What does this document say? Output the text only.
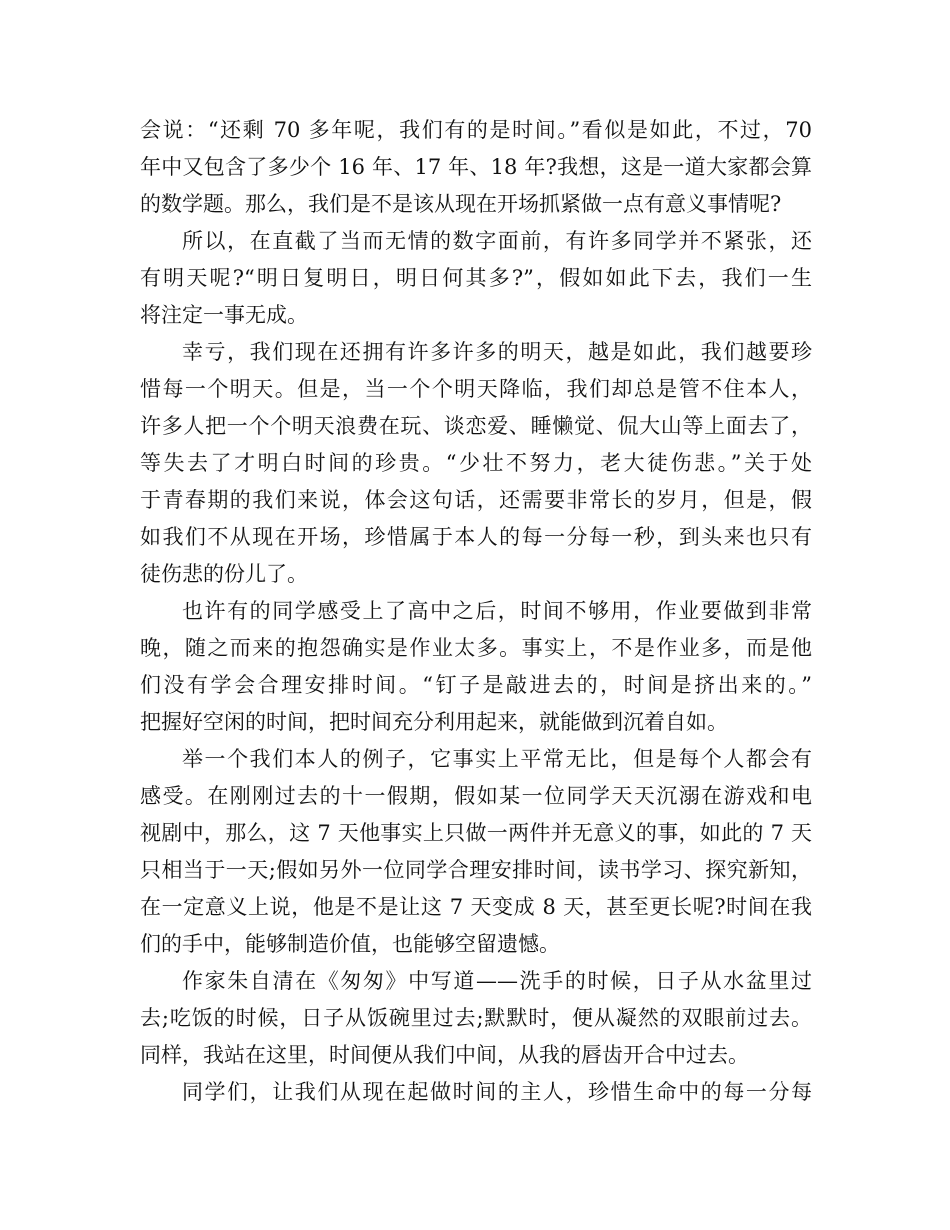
会说：“还剩 70 多年呢，我们有的是时间。”看似是如此，不过，70
年中又包含了多少个 16 年、17 年、18 年?我想，这是一道大家都会算
的数学题。那么，我们是不是该从现在开场抓紧做一点有意义事情呢?
所以，在直截了当而无情的数字面前，有许多同学并不紧张，还
有明天呢?“明日复明日，明日何其多?”，假如如此下去，我们一生
将注定一事无成。
幸亏，我们现在还拥有许多许多的明天，越是如此，我们越要珍
惜每一个明天。但是，当一个个明天降临，我们却总是管不住本人，
许多人把一个个明天浪费在玩、谈恋爱、睡懒觉、侃大山等上面去了，
等失去了才明白时间的珍贵。“少壮不努力，老大徒伤悲。”关于处
于青春期的我们来说，体会这句话，还需要非常长的岁月，但是，假
如我们不从现在开场，珍惜属于本人的每一分每一秒，到头来也只有
徒伤悲的份儿了。
也许有的同学感受上了高中之后，时间不够用，作业要做到非常
晚，随之而来的抱怨确实是作业太多。事实上，不是作业多，而是他
们没有学会合理安排时间。“钉子是敲进去的，时间是挤出来的。”
把握好空闲的时间，把时间充分利用起来，就能做到沉着自如。
举一个我们本人的例子，它事实上平常无比，但是每个人都会有
感受。在刚刚过去的十一假期，假如某一位同学天天沉溺在游戏和电
视剧中，那么，这 7 天他事实上只做一两件并无意义的事，如此的 7 天
只相当于一天;假如另外一位同学合理安排时间，读书学习、探究新知，
在一定意义上说，他是不是让这 7 天变成 8 天，甚至更长呢?时间在我
们的手中，能够制造价值，也能够空留遗憾。
作家朱自清在《匆匆》中写道——洗手的时候，日子从水盆里过
去;吃饭的时候，日子从饭碗里过去;默默时，便从凝然的双眼前过去。
同样，我站在这里，时间便从我们中间，从我的唇齿开合中过去。
同学们，让我们从现在起做时间的主人，珍惜生命中的每一分每
